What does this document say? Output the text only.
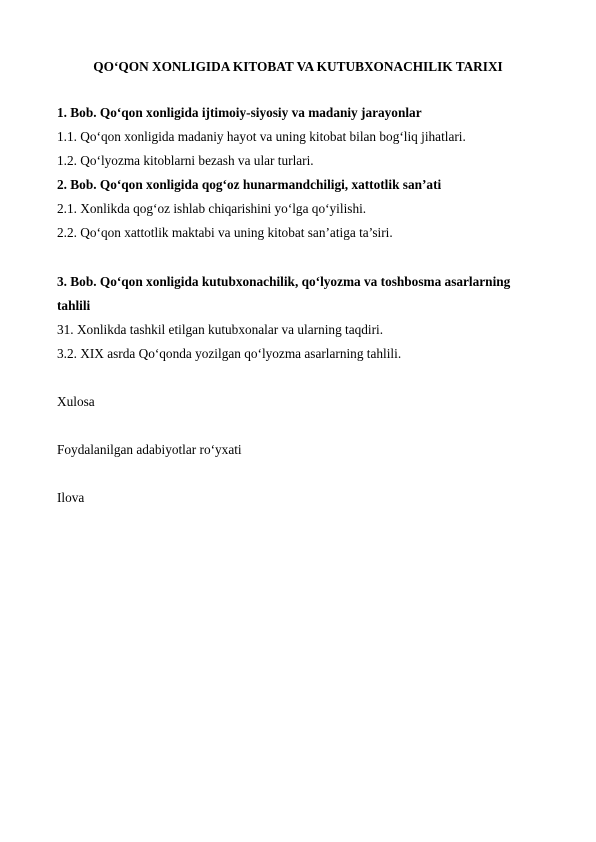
QO‘QON XONLIGIDA KITOBAT VA KUTUBXONACHILIK TARIXI
1. Bob. Qo‘qon xonligida ijtimoiy-siyosiy va madaniy jarayonlar
1.1. Qo‘qon xonligida madaniy hayot va uning kitobat bilan bog‘liq jihatlari.
1.2. Qo‘lyozma kitoblarni bezash va ular turlari.
2. Bob. Qo‘qon xonligida qog‘oz hunarmandchiligi, xattotlik san’ati
2.1. Xonlikda qog‘oz ishlab chiqarishini yo‘lga qo‘yilishi.
2.2. Qo‘qon xattotlik maktabi va uning kitobat san’atiga ta’siri.
3. Bob. Qo‘qon xonligida kutubxonachilik, qo‘lyozma va toshbosma asarlarning
tahlili
31. Xonlikda tashkil etilgan kutubxonalar va ularning taqdiri.
3.2. XIX asrda Qo‘qonda yozilgan qo‘lyozma asarlarning tahlili.
Xulosa
Foydalanilgan adabiyotlar ro‘yxati
Ilova
